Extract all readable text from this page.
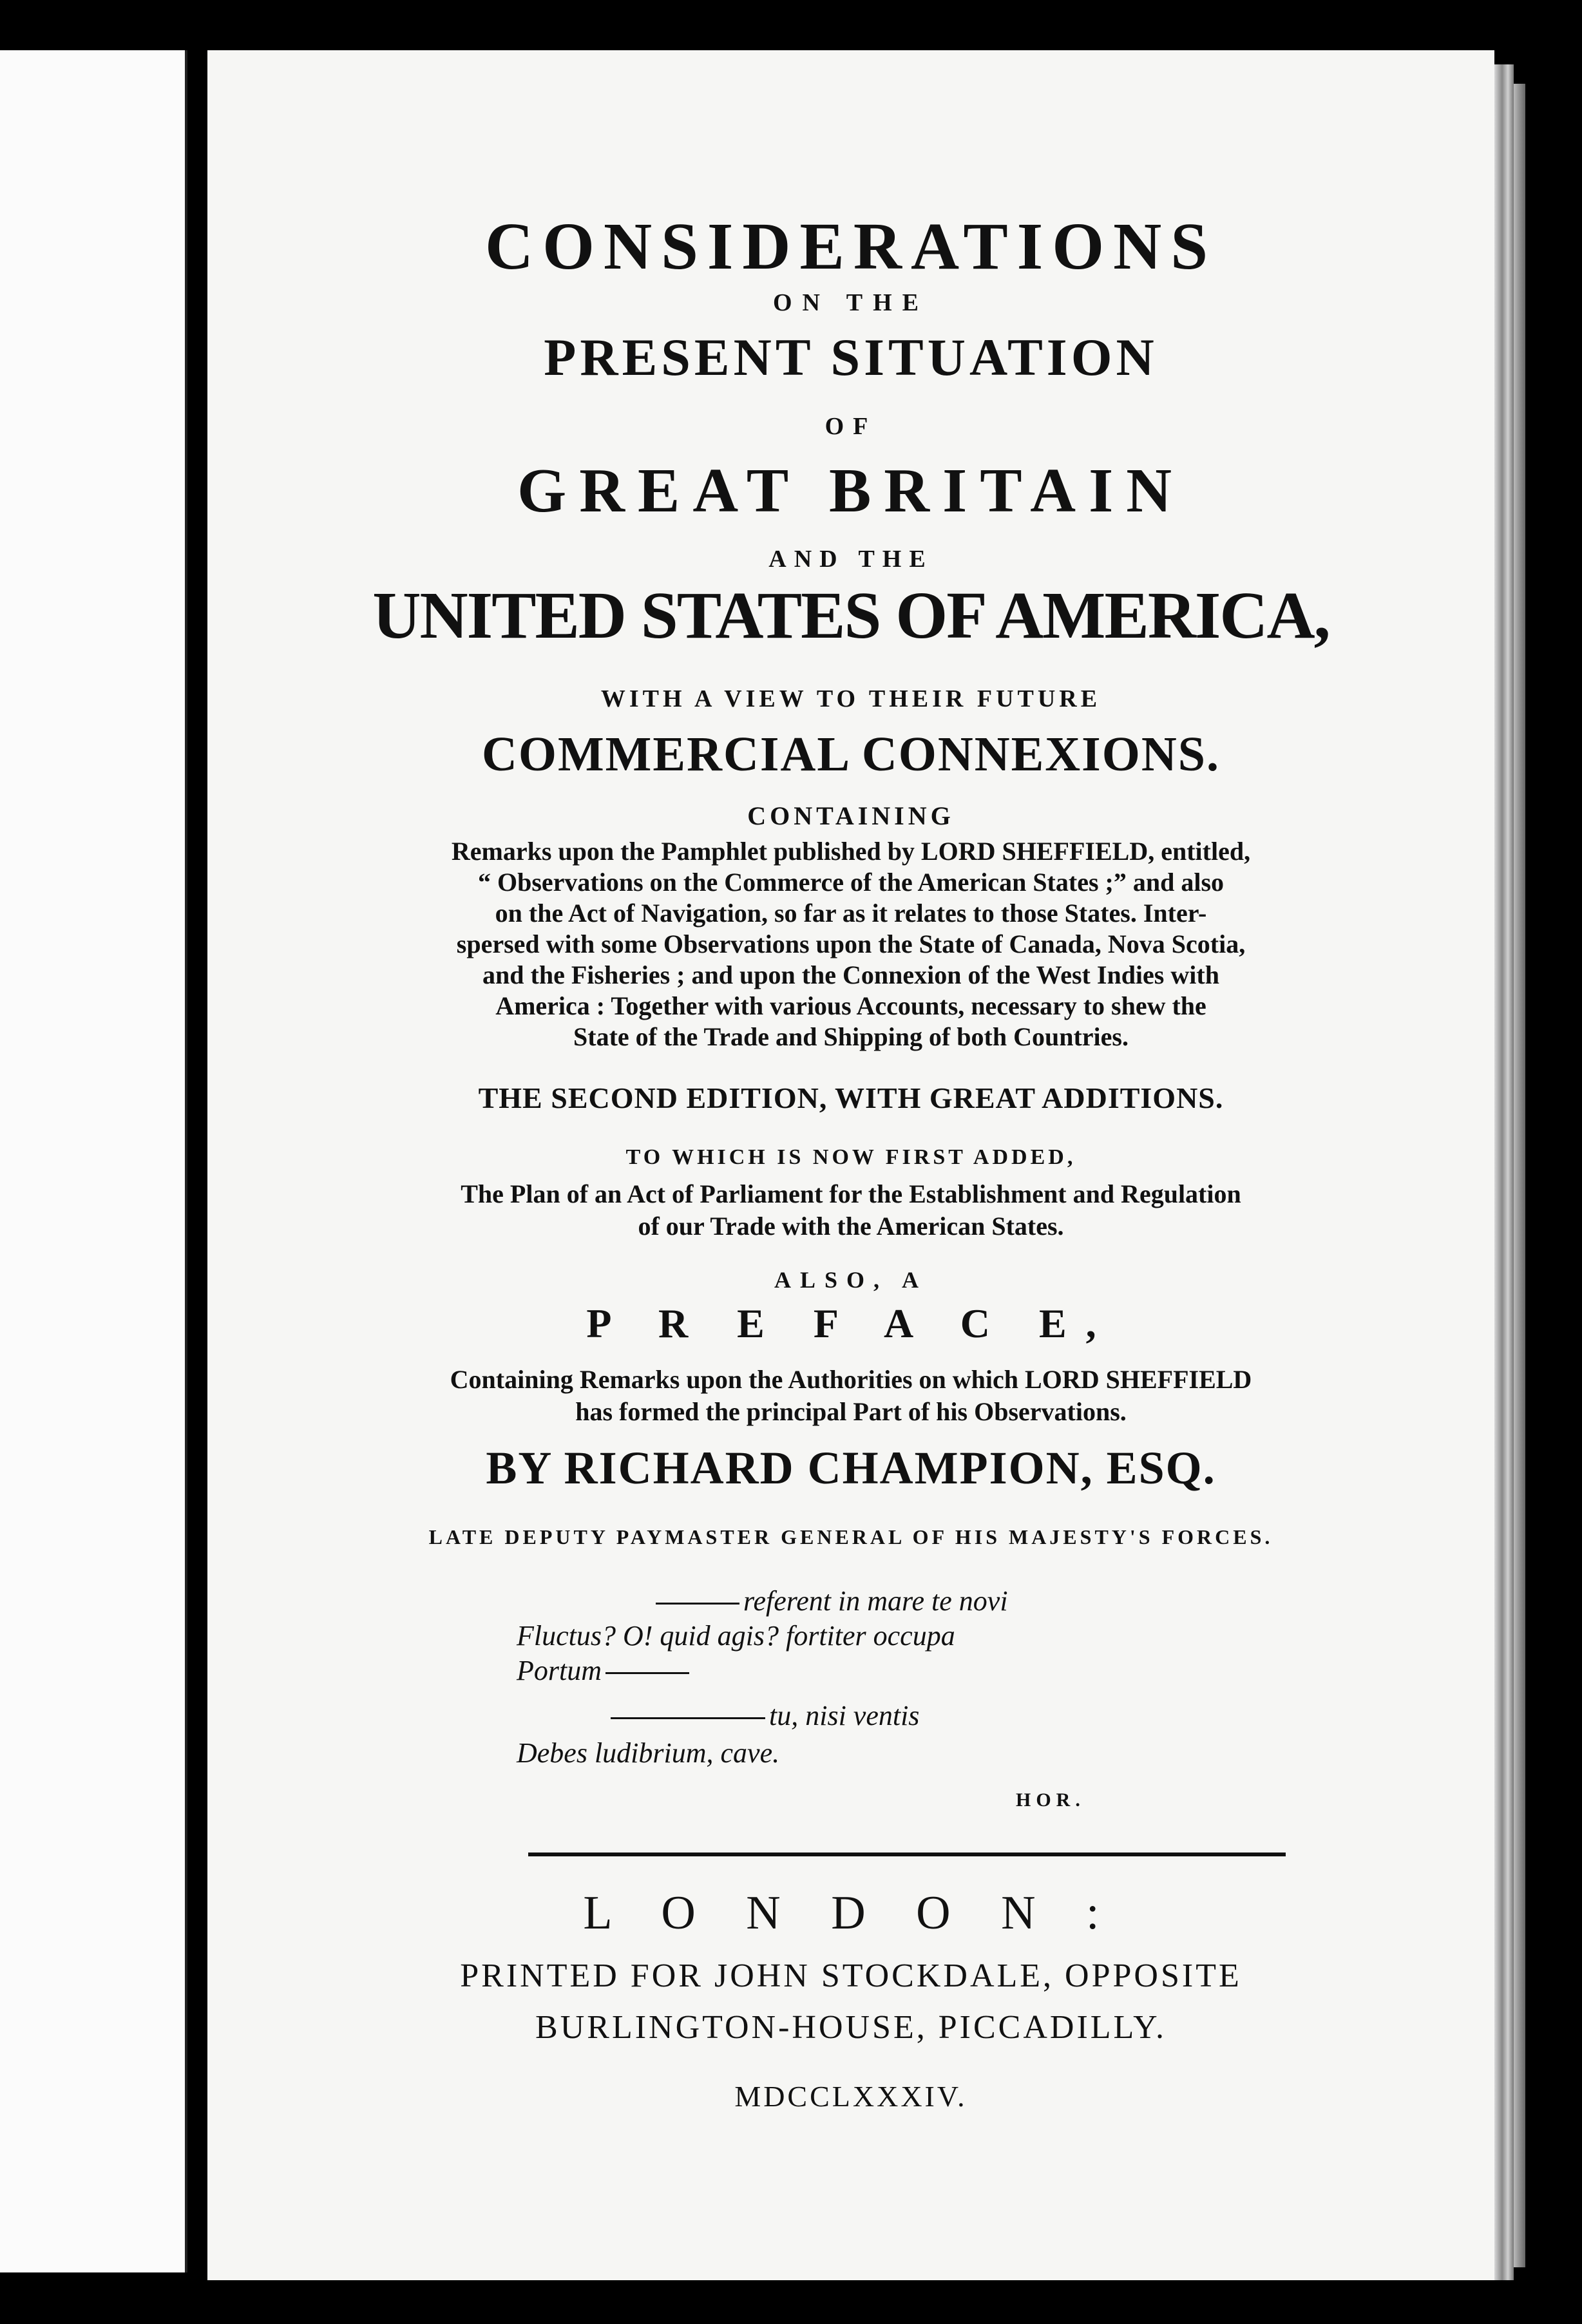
CONSIDERATIONS
ON THE
PRESENT SITUATION
OF
GREAT BRITAIN
AND THE
UNITED STATES OF AMERICA,
WITH A VIEW TO THEIR FUTURE
COMMERCIAL CONNEXIONS.
CONTAINING
Remarks upon the Pamphlet published by LORD SHEFFIELD, entitled,
“ Observations on the Commerce of the American States ;” and also
on the Act of Navigation, so far as it relates to those States. Inter-
spersed with some Observations upon the State of Canada, Nova Scotia,
and the Fisheries ; and upon the Connexion of the West Indies with
America : Together with various Accounts, necessary to shew the
State of the Trade and Shipping of both Countries.
THE SECOND EDITION, WITH GREAT ADDITIONS.
TO WHICH IS NOW FIRST ADDED,
The Plan of an Act of Parliament for the Establishment and Regulation
of our Trade with the American States.
ALSO, A
P R E F A C E,
Containing Remarks upon the Authorities on which LORD SHEFFIELD
has formed the principal Part of his Observations.
BY RICHARD CHAMPION, ESQ.
LATE DEPUTY PAYMASTER GENERAL OF HIS MAJESTY'S FORCES.
referent in mare te novi
Fluctus? O! quid agis? fortiter occupa
Portum
tu, nisi ventis
Debes ludibrium, cave.
HOR.
L O N D O N :
PRINTED FOR JOHN STOCKDALE, OPPOSITE
BURLINGTON-HOUSE, PICCADILLY.
MDCCLXXXIV.
